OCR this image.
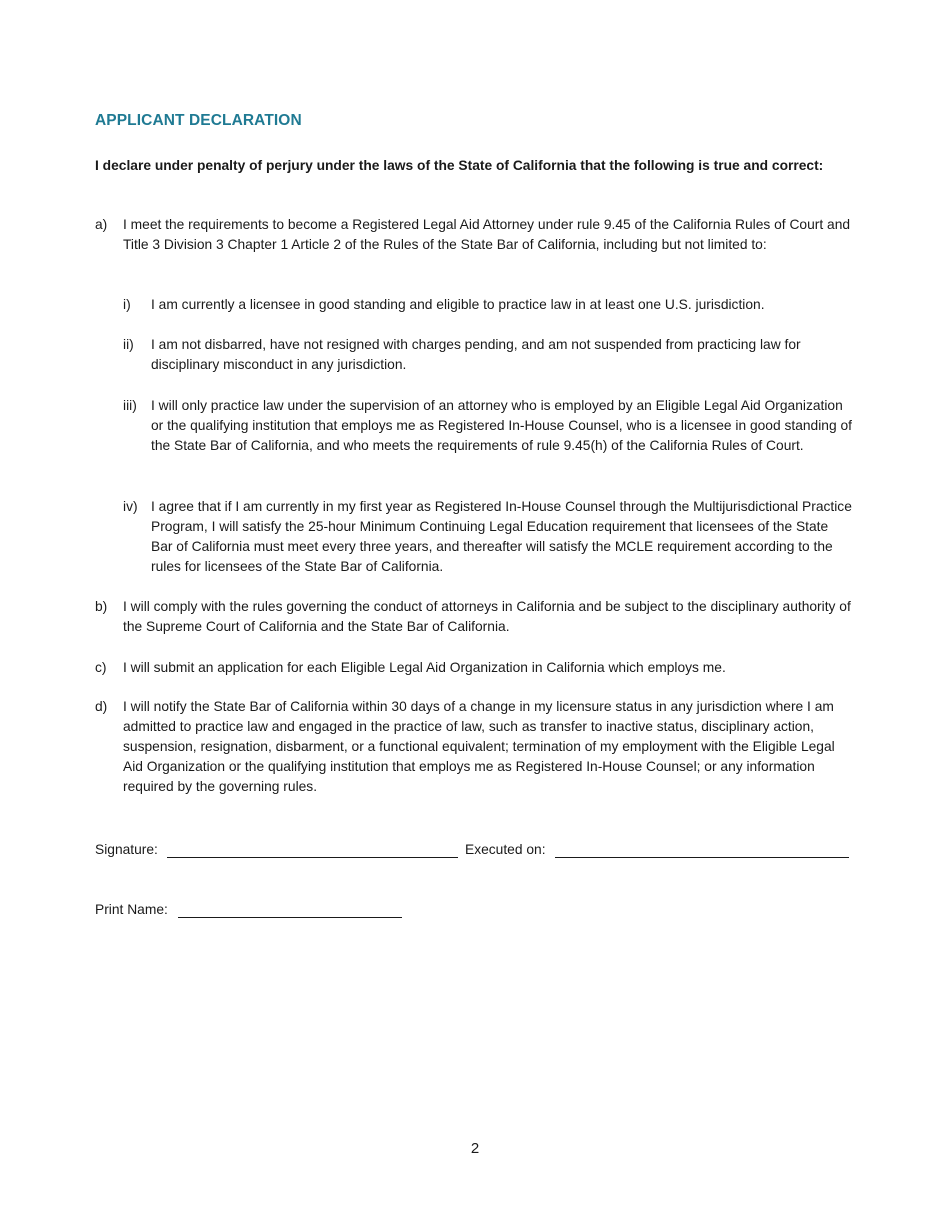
APPLICANT DECLARATION
I declare under penalty of perjury under the laws of the State of California that the following is true and correct:
a) I meet the requirements to become a Registered Legal Aid Attorney under rule 9.45 of the California Rules of Court and Title 3 Division 3 Chapter 1 Article 2 of the Rules of the State Bar of California, including but not limited to:
i) I am currently a licensee in good standing and eligible to practice law in at least one U.S. jurisdiction.
ii) I am not disbarred, have not resigned with charges pending, and am not suspended from practicing law for disciplinary misconduct in any jurisdiction.
iii) I will only practice law under the supervision of an attorney who is employed by an Eligible Legal Aid Organization or the qualifying institution that employs me as Registered In-House Counsel, who is a licensee in good standing of the State Bar of California, and who meets the requirements of rule 9.45(h) of the California Rules of Court.
iv) I agree that if I am currently in my first year as Registered In-House Counsel through the Multijurisdictional Practice Program, I will satisfy the 25-hour Minimum Continuing Legal Education requirement that licensees of the State Bar of California must meet every three years, and thereafter will satisfy the MCLE requirement according to the rules for licensees of the State Bar of California.
b) I will comply with the rules governing the conduct of attorneys in California and be subject to the disciplinary authority of the Supreme Court of California and the State Bar of California.
c) I will submit an application for each Eligible Legal Aid Organization in California which employs me.
d) I will notify the State Bar of California within 30 days of a change in my licensure status in any jurisdiction where I am admitted to practice law and engaged in the practice of law, such as transfer to inactive status, disciplinary action, suspension, resignation, disbarment, or a functional equivalent; termination of my employment with the Eligible Legal Aid Organization or the qualifying institution that employs me as Registered In-House Counsel; or any information required by the governing rules.
Signature:	Executed on:
Print Name:
2
